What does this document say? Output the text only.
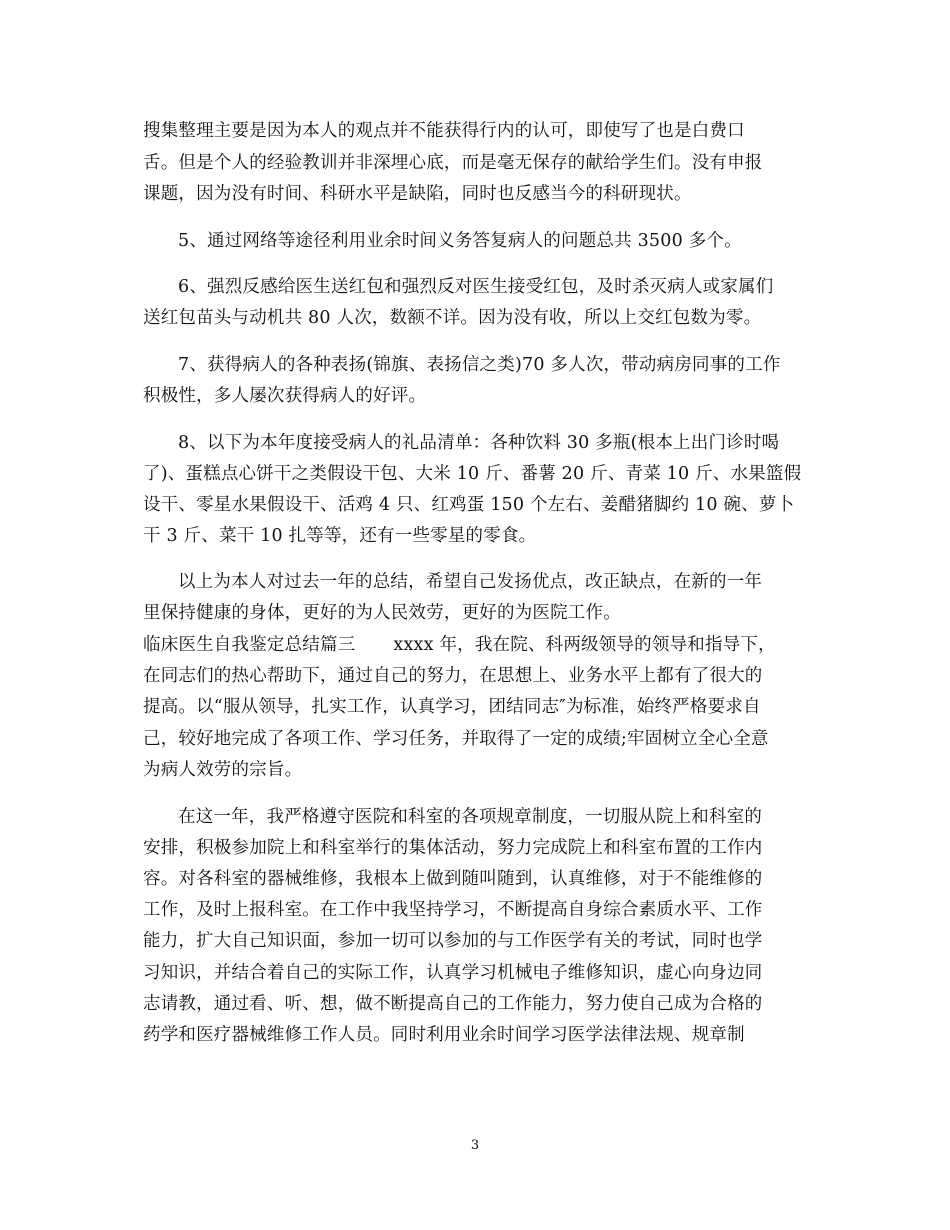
搜集整理主要是因为本人的观点并不能获得行内的认可，即使写了也是白费口
舌。但是个人的经验教训并非深埋心底，而是毫无保存的献给学生们。没有申报
课题，因为没有时间、科研水平是缺陷，同时也反感当今的科研现状。
5、通过网络等途径利用业余时间义务答复病人的问题总共 3500 多个。
6、强烈反感给医生送红包和强烈反对医生接受红包，及时杀灭病人或家属们
送红包苗头与动机共 80 人次，数额不详。因为没有收，所以上交红包数为零。
7、获得病人的各种表扬(锦旗、表扬信之类)70 多人次，带动病房同事的工作
积极性，多人屡次获得病人的好评。
8、以下为本年度接受病人的礼品清单：各种饮料 30 多瓶(根本上出门诊时喝
了)、蛋糕点心饼干之类假设干包、大米 10 斤、番薯 20 斤、青菜 10 斤、水果篮假
设干、零星水果假设干、活鸡 4 只、红鸡蛋 150 个左右、姜醋猪脚约 10 碗、萝卜
干 3 斤、菜干 10 扎等等，还有一些零星的零食。
以上为本人对过去一年的总结，希望自己发扬优点，改正缺点，在新的一年
里保持健康的身体，更好的为人民效劳，更好的为医院工作。
临床医生自我鉴定总结篇三 xxxx 年，我在院、科两级领导的领导和指导下，
在同志们的热心帮助下，通过自己的努力，在思想上、业务水平上都有了很大的
提高。以“服从领导，扎实工作，认真学习，团结同志″为标准，始终严格要求自
己，较好地完成了各项工作、学习任务，并取得了一定的成绩;牢固树立全心全意
为病人效劳的宗旨。
在这一年，我严格遵守医院和科室的各项规章制度，一切服从院上和科室的
安排，积极参加院上和科室举行的集体活动，努力完成院上和科室布置的工作内
容。对各科室的器械维修，我根本上做到随叫随到，认真维修，对于不能维修的
工作，及时上报科室。在工作中我坚持学习，不断提高自身综合素质水平、工作
能力，扩大自己知识面，参加一切可以参加的与工作医学有关的考试，同时也学
习知识，并结合着自己的实际工作，认真学习机械电子维修知识，虚心向身边同
志请教，通过看、听、想，做不断提高自己的工作能力，努力使自己成为合格的
药学和医疗器械维修工作人员。同时利用业余时间学习医学法律法规、规章制
3
